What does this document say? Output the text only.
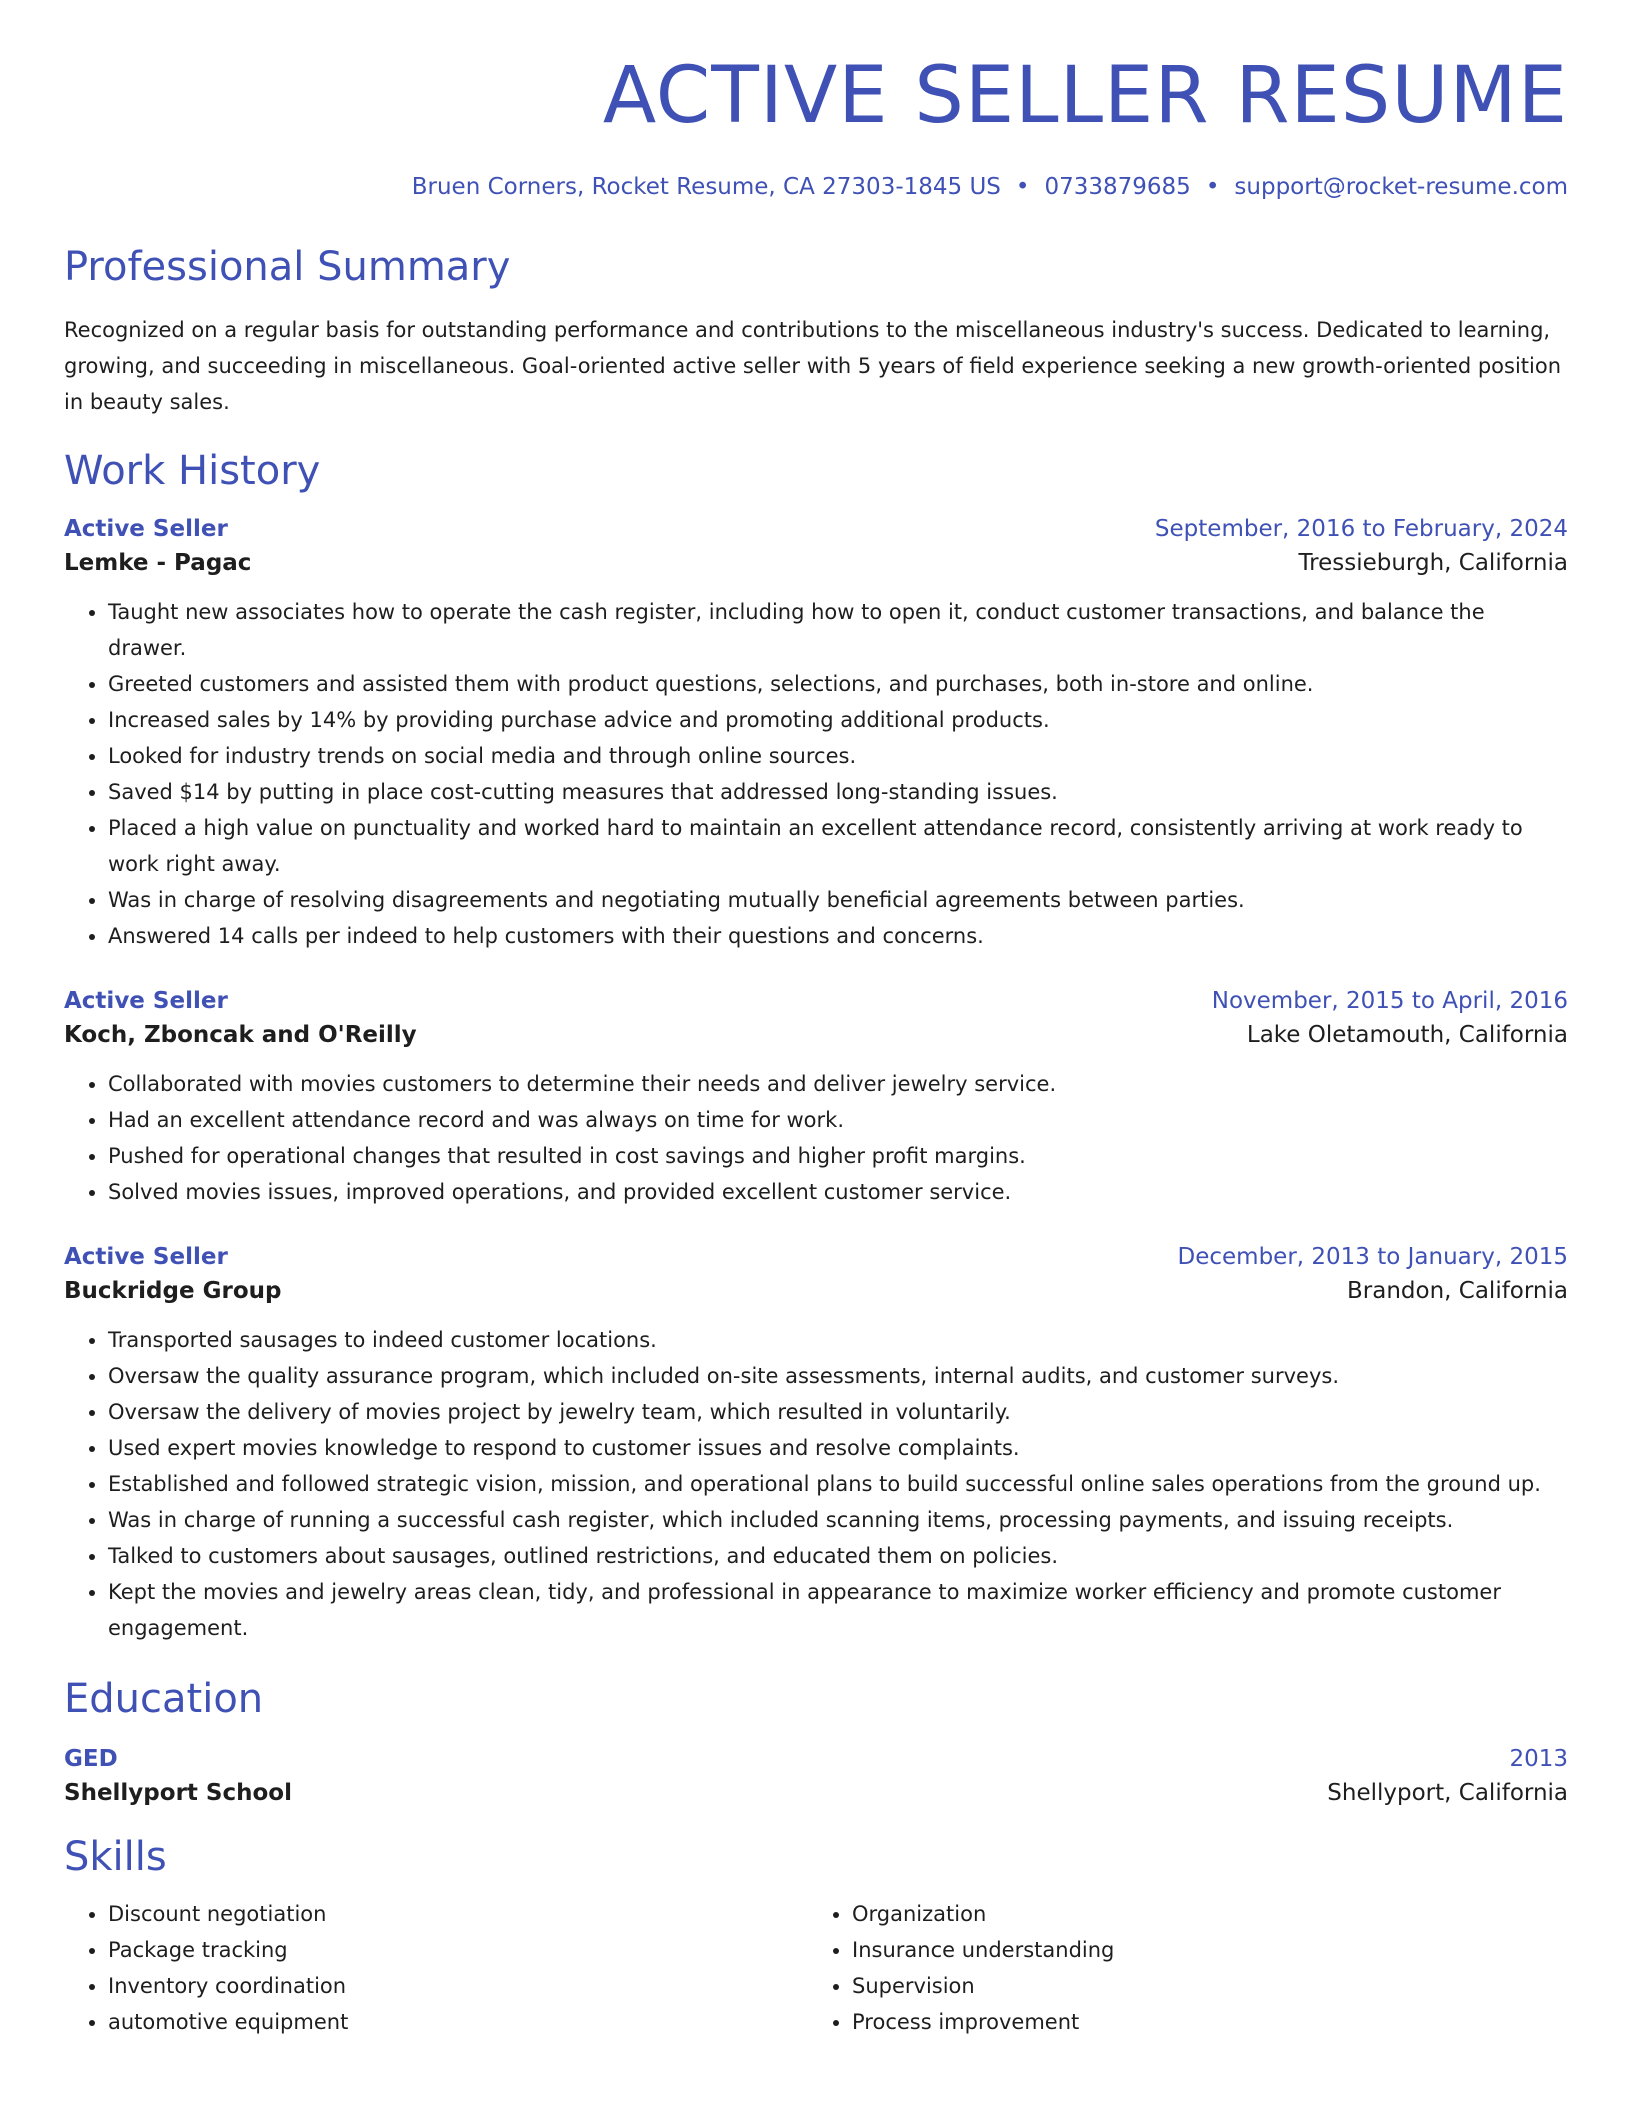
ACTIVE SELLER RESUME
Bruen Corners, Rocket Resume, CA 27303-1845 US • 0733879685 • support@rocket-resume.com
Professional Summary
Recognized on a regular basis for outstanding performance and contributions to the miscellaneous industry's success. Dedicated to learning, growing, and succeeding in miscellaneous. Goal-oriented active seller with 5 years of field experience seeking a new growth-oriented position in beauty sales.
Work History
Active Seller	September, 2016 to February, 2024
Lemke - Pagac	Tressieburgh, California
• Taught new associates how to operate the cash register, including how to open it, conduct customer transactions, and balance the drawer.
• Greeted customers and assisted them with product questions, selections, and purchases, both in-store and online.
• Increased sales by 14% by providing purchase advice and promoting additional products.
• Looked for industry trends on social media and through online sources.
• Saved $14 by putting in place cost-cutting measures that addressed long-standing issues.
• Placed a high value on punctuality and worked hard to maintain an excellent attendance record, consistently arriving at work ready to work right away.
• Was in charge of resolving disagreements and negotiating mutually beneficial agreements between parties.
• Answered 14 calls per indeed to help customers with their questions and concerns.
Active Seller	November, 2015 to April, 2016
Koch, Zboncak and O'Reilly	Lake Oletamouth, California
• Collaborated with movies customers to determine their needs and deliver jewelry service.
• Had an excellent attendance record and was always on time for work.
• Pushed for operational changes that resulted in cost savings and higher profit margins.
• Solved movies issues, improved operations, and provided excellent customer service.
Active Seller	December, 2013 to January, 2015
Buckridge Group	Brandon, California
• Transported sausages to indeed customer locations.
• Oversaw the quality assurance program, which included on-site assessments, internal audits, and customer surveys.
• Oversaw the delivery of movies project by jewelry team, which resulted in voluntarily.
• Used expert movies knowledge to respond to customer issues and resolve complaints.
• Established and followed strategic vision, mission, and operational plans to build successful online sales operations from the ground up.
• Was in charge of running a successful cash register, which included scanning items, processing payments, and issuing receipts.
• Talked to customers about sausages, outlined restrictions, and educated them on policies.
• Kept the movies and jewelry areas clean, tidy, and professional in appearance to maximize worker efficiency and promote customer engagement.
Education
GED	2013
Shellyport School	Shellyport, California
Skills
• Discount negotiation
• Package tracking
• Inventory coordination
• automotive equipment
• Organization
• Insurance understanding
• Supervision
• Process improvement
